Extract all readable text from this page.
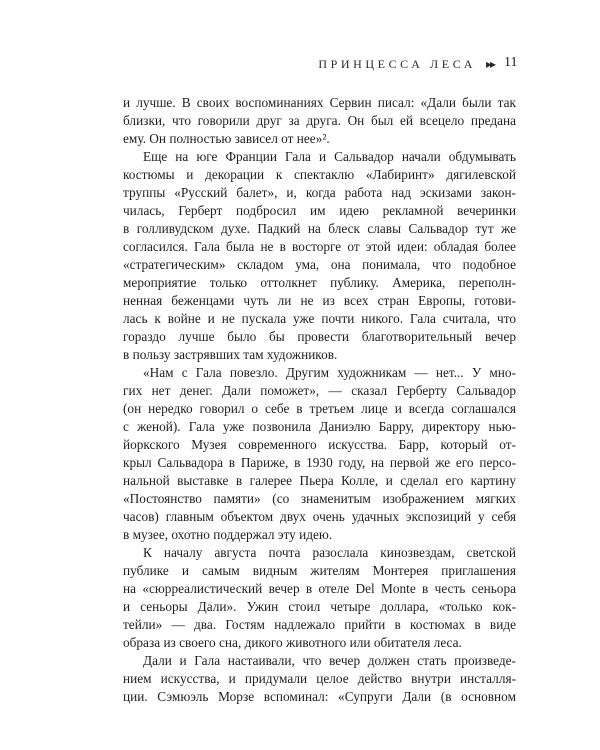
ПРИНЦЕССА ЛЕСА ▸▸ 11
и лучше. В своих воспоминаниях Сервин писал: «Дали были так
близки, что говорили друг за друга. Он был ей всецело предана
ему. Он полностью зависел от нее»².
Еще на юге Франции Гала и Сальвадор начали обдумывать
костюмы и декорации к спектаклю «Лабиринт» дягилевской
труппы «Русский балет», и, когда работа над эскизами закон-
чилась, Герберт подбросил им идею рекламной вечеринки
в голливудском духе. Падкий на блеск славы Сальвадор тут же
согласился. Гала была не в восторге от этой идеи: обладая более
«стратегическим» складом ума, она понимала, что подобное
мероприятие только оттолкнет публику. Америка, переполн-
ненная беженцами чуть ли не из всех стран Европы, готови-
лась к войне и не пускала уже почти никого. Гала считала, что
гораздо лучше было бы провести благотворительный вечер
в пользу застрявших там художников.
«Нам с Гала повезло. Другим художникам — нет... У мно-
гих нет денег. Дали поможет», — сказал Герберту Сальвадор
(он нередко говорил о себе в третьем лице и всегда соглашался
с женой). Гала уже позвонила Даниэлю Барру, директору нью-
йоркского Музея современного искусства. Барр, который от-
крыл Сальвадора в Париже, в 1930 году, на первой же его персо-
нальной выставке в галерее Пьера Колле, и сделал его картину
«Постоянство памяти» (со знаменитым изображением мягких
часов) главным объектом двух очень удачных экспозиций у себя
в музее, охотно поддержал эту идею.
К началу августа почта разослала кинозвездам, светской
публике и самым видным жителям Монтерея приглашения
на «сюрреалистический вечер в отеле Del Monte в честь сеньора
и сеньоры Дали». Ужин стоил четыре доллара, «только кок-
тейли» — два. Гостям надлежало прийти в костюмах в виде
образа из своего сна, дикого животного или обитателя леса.
Дали и Гала настаивали, что вечер должен стать произведе-
нием искусства, и придумали целое действо внутри инсталля-
ции. Сэмюэль Морзе вспоминал: «Супруги Дали (в основном
